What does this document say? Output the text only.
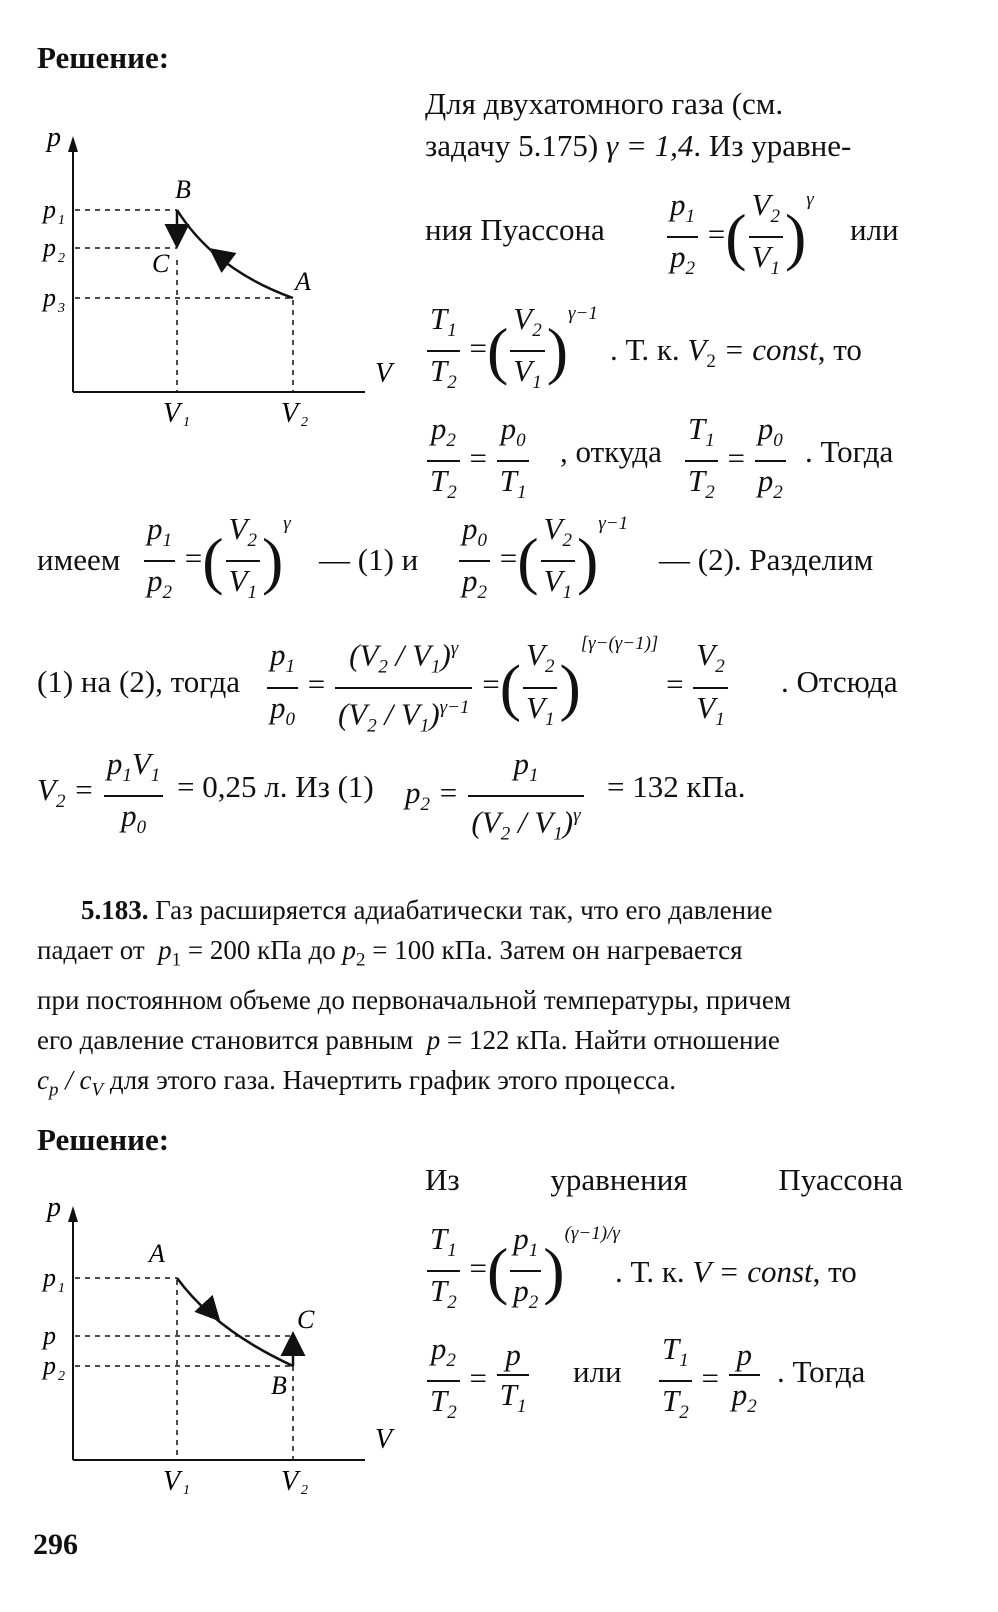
Решение:
p
V
p 1
p 2
p 3
V 1	V 2
B
C
A
Для двухатомного газа (см.
задачу 5.175) γ = 1,4. Из уравне-
ния Пуассона $\frac{p_1}{p_2}$ =( $\frac{V_2}{V_1} )^\gamma$
или
$\frac{T_1}{T_2}$ =( $\frac{V_2}{V_1} )^{\gamma-1}$
. Т. к. $V_2$ = const, то
$\frac{p_2}{T_2} = \frac{p_0}{T_1}$ , откуда $\frac{T_1}{T_2} = \frac{p_0}{p_2}$ . Тогда
имеем $\frac{p_1}{p_2}$ =( $\frac{V_2}{V_1} )^\gamma$
— (1) и $\frac{p_0}{p_2}$ =( $\frac{V_2}{V_1} )^{\gamma-1}$
— (2). Разделим
(1) на (2), тогда $\frac{p_1}{p_0} = \frac{(V_2 / V_1)^\gamma}{(V_2 / V_1)^{\gamma-1}}$ =( $\frac{V_2}{V_1} )[\gamma-(\gamma-1)] = \frac{V_2}{V_1}$ . Отсюда
$V_2 = \frac{p_1V_1}{p_0} = 0,25$ л. Из (1) $p_2 = \frac{p_1}{(V_2 / V_1)^\gamma} = 132$ кПа.
5.183.
Газ расширяется адиабатически так, что его давление
падает от $p_1 = 200$ кПа до $p_2 = 100$ кПа. Затем он нагревается
при постоянном объеме до первоначальной температуры, причем
его давление становится равным p = 122 кПа. Найти отношение
$c_p / c_V$ для этого газа. Начертить график этого процесса.
Решение:
p
V
p 1
p
p 2
V 1	V 2
A
C
B
Из	уравнения	Пуассона
$\frac{T_1}{T_2}$ =( $\frac{p_1}{p_2} )^{(\gamma-1)/\gamma}$
. Т. к. V = const, то
$\frac{p_2}{T_2} = \frac{p}{T_1}$ или $\frac{T_1}{T_2} = \frac{p}{p_2}$ . Тогда
296
